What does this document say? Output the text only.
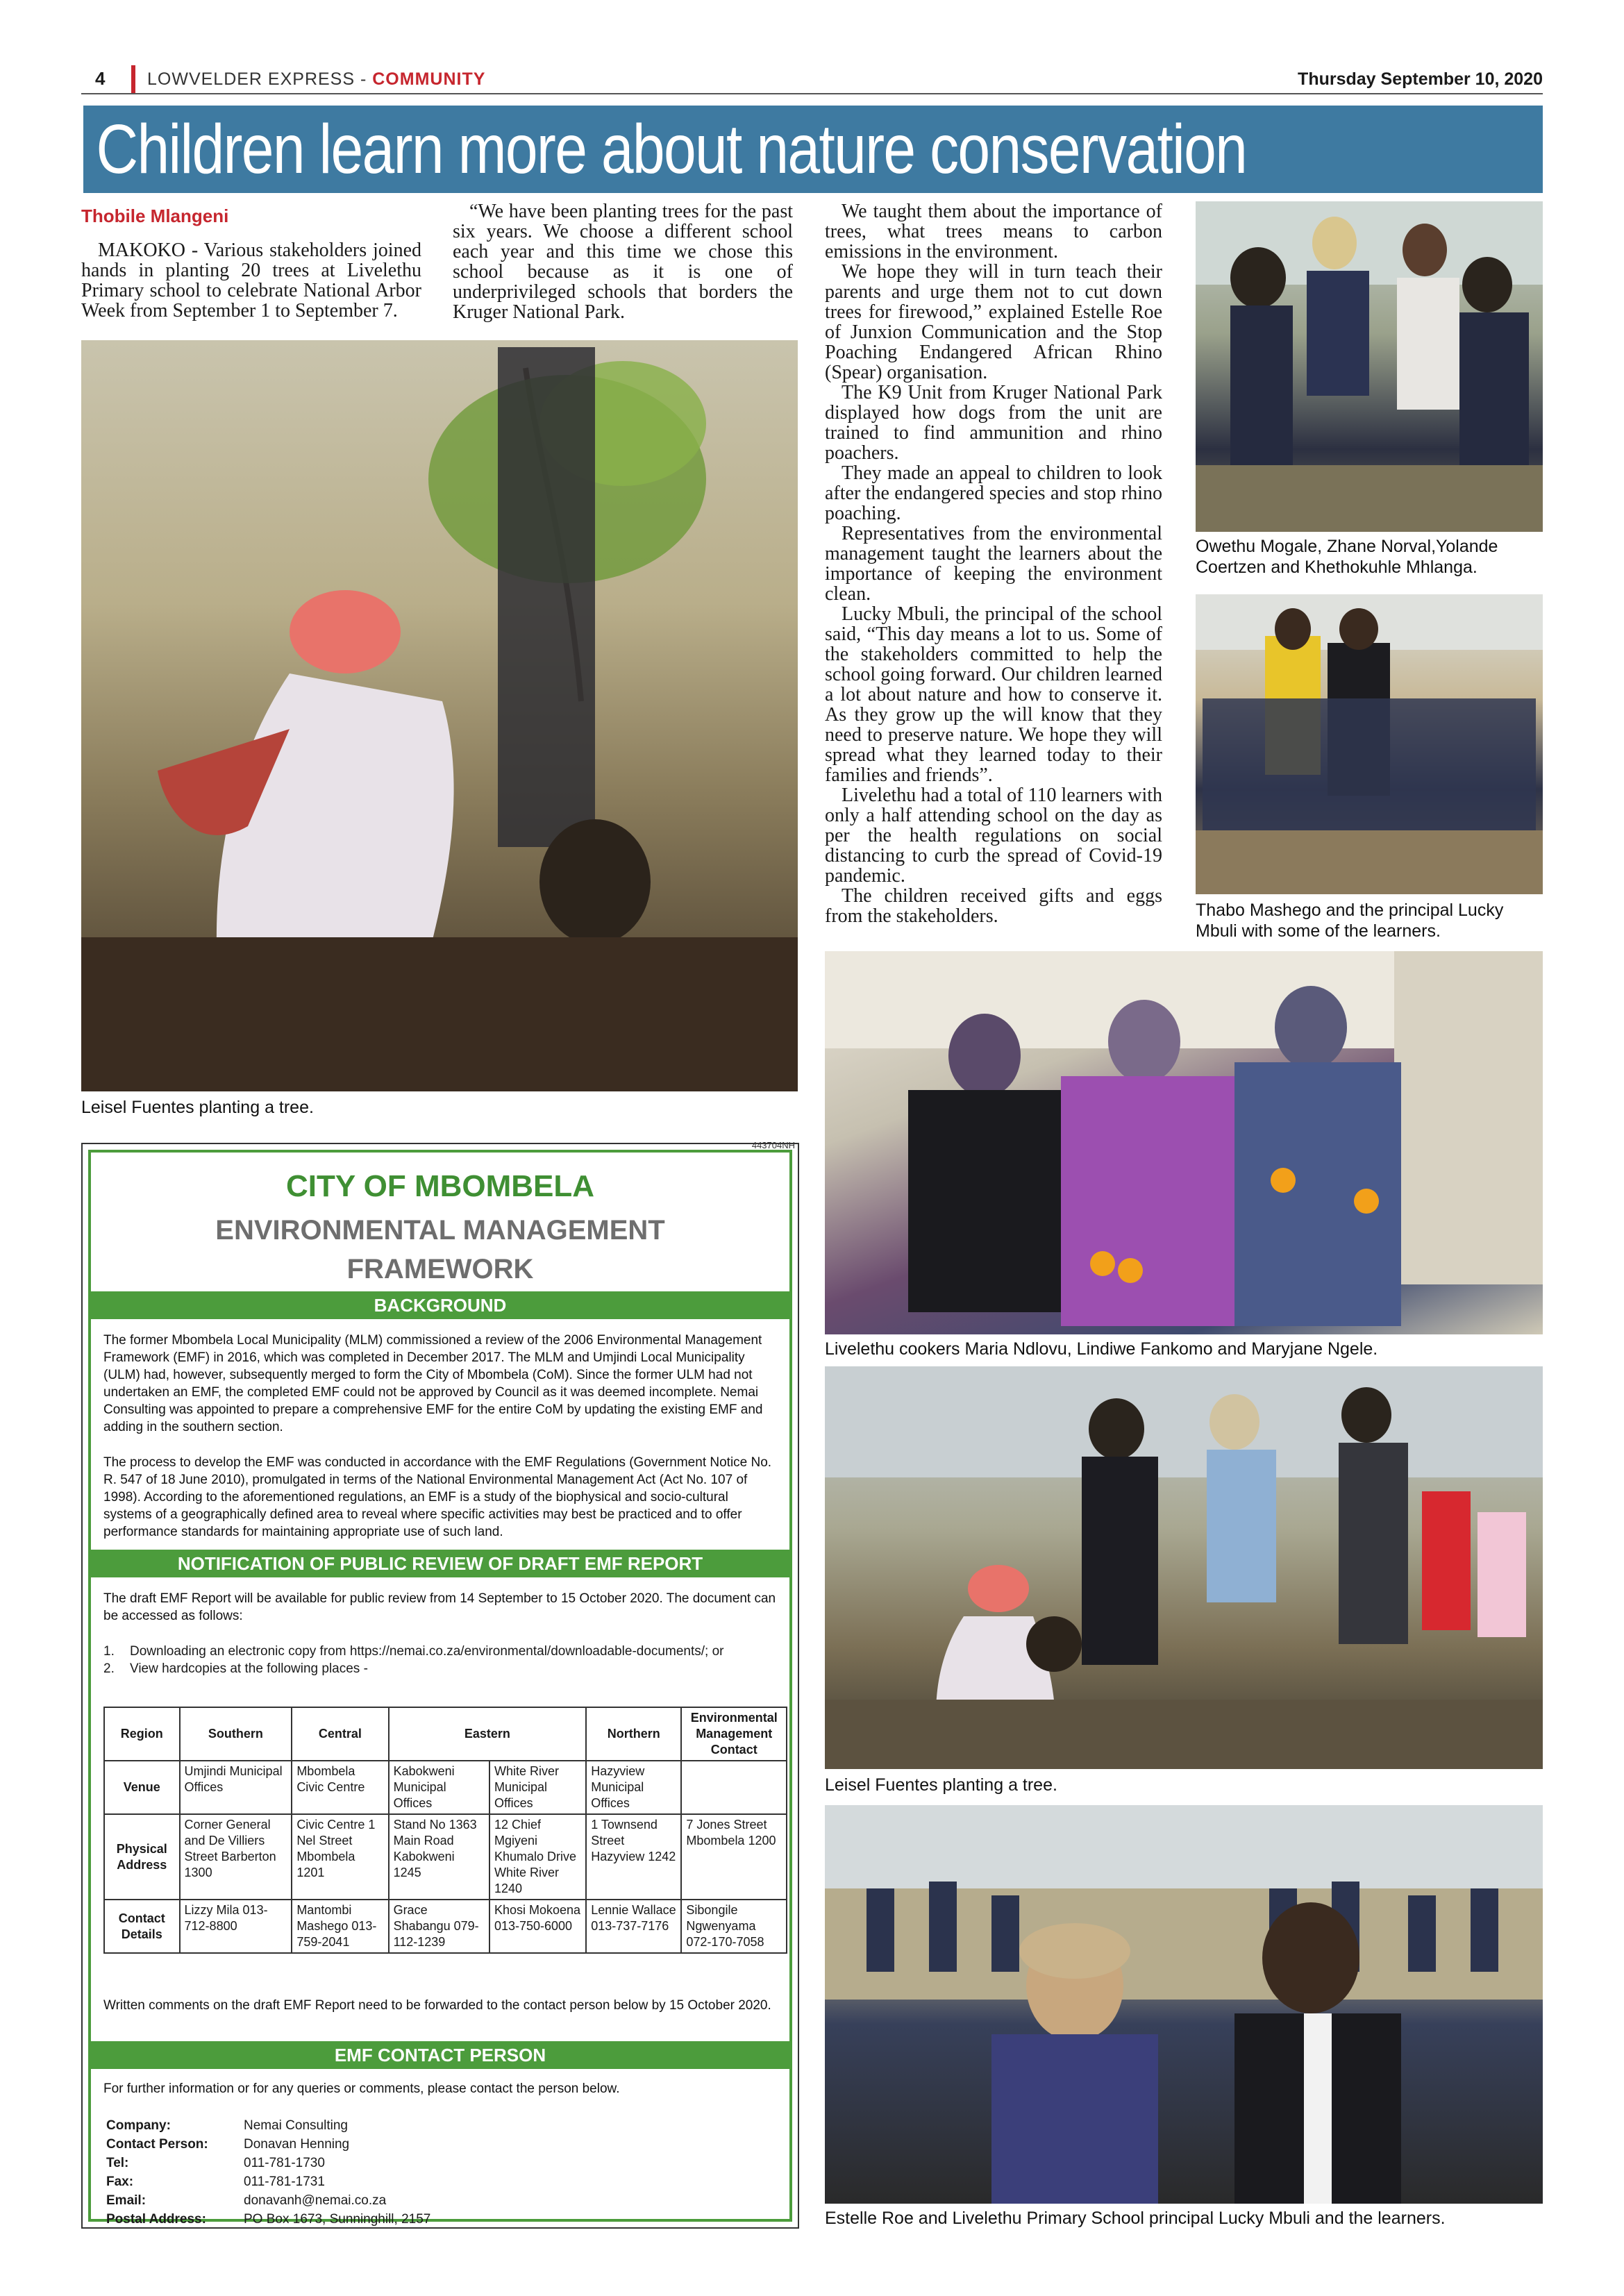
4 LOWVELDER EXPRESS - COMMUNITY	Thursday September 10, 2020
Children learn more about nature conservation
Thobile Mlangeni

MAKOKO - Various stakeholders joined hands in planting 20 trees at Livelethu Primary school to celebrate National Arbor Week from September 1 to September 7.

“We have been planting trees for the past six years. We choose a different school each year and this time we chose this school because as it is one of underprivileged schools that borders the Kruger National Park.

We taught them about the importance of trees, what trees means to carbon emissions in the environment.

We hope they will in turn teach their parents and urge them not to cut down trees for firewood,” explained Estelle Roe of Junxion Communication and the Stop Poaching Endangered African Rhino (Spear) organisation.

The K9 Unit from Kruger National Park displayed how dogs from the unit are trained to find ammunition and rhino poachers.

They made an appeal to children to look after the endangered species and stop rhino poaching.

Representatives from the environmental management taught the learners about the importance of keeping the environment clean.

Lucky Mbuli, the principal of the school said, “This day means a lot to us. Some of the stakeholders committed to help the school going forward. Our children learned a lot about nature and how to conserve it. As they grow up the will know that they need to preserve nature. We hope they will spread what they learned today to their families and friends”.

Livelethu had a total of 110 learners with only a half attending school on the day as per the health regulations on social distancing to curb the spread of Covid-19 pandemic.

The children received gifts and eggs from the stakeholders.

Leisel Fuentes planting a tree.
Owethu Mogale, Zhane Norval,Yolande Coertzen and Khethokuhle Mhlanga.
Thabo Mashego and the principal Lucky Mbuli with some of the learners.
Livelethu cookers Maria Ndlovu, Lindiwe Fankomo and Maryjane Ngele.
Leisel Fuentes planting a tree.
Estelle Roe and Livelethu Primary School principal Lucky Mbuli and the learners.
443704NH
CITY OF MBOMBELA
ENVIRONMENTAL MANAGEMENT FRAMEWORK
BACKGROUND
The former Mbombela Local Municipality (MLM) commissioned a review of the 2006 Environmental Management Framework (EMF) in 2016, which was completed in December 2017. The MLM and Umjindi Local Municipality (ULM) had, however, subsequently merged to form the City of Mbombela (CoM). Since the former ULM had not undertaken an EMF, the completed EMF could not be approved by Council as it was deemed incomplete. Nemai Consulting was appointed to prepare a comprehensive EMF for the entire CoM by updating the existing EMF and adding in the southern section.
The process to develop the EMF was conducted in accordance with the EMF Regulations (Government Notice No. R. 547 of 18 June 2010), promulgated in terms of the National Environmental Management Act (Act No. 107 of 1998). According to the aforementioned regulations, an EMF is a study of the biophysical and socio-cultural systems of a geographically defined area to reveal where specific activities may best be practiced and to offer performance standards for maintaining appropriate use of such land.
NOTIFICATION OF PUBLIC REVIEW OF DRAFT EMF REPORT
The draft EMF Report will be available for public review from 14 September to 15 October 2020. The document can be accessed as follows:
1. Downloading an electronic copy from https://nemai.co.za/environmental/downloadable-documents/; or
2. View hardcopies at the following places -
Region	Southern	Central	Eastern		Northern	Environmental Management Contact
Venue	Umjindi Municipal Offices	Mbombela Civic Centre	Kabokweni Municipal Offices	White River Municipal Offices	Hazyview Municipal Offices	
Physical Address	Corner General and De Villiers Street Barberton 1300	Civic Centre 1 Nel Street Mbombela 1201	Stand No 1363 Main Road Kabokweni 1245	12 Chief Mgiyeni Khumalo Drive White River 1240	1 Townsend Street Hazyview 1242	7 Jones Street Mbombela 1200
Contact Details	Lizzy Mila 013-712-8800	Mantombi Mashego 013-759-2041	Grace Shabangu 079-112-1239	Khosi Mokoena 013-750-6000	Lennie Wallace 013-737-7176	Sibongile Ngwenyama 072-170-7058
Written comments on the draft EMF Report need to be forwarded to the contact person below by 15 October 2020.
EMF CONTACT PERSON
For further information or for any queries or comments, please contact the person below.
Company:	Nemai Consulting
Contact Person:	Donavan Henning
Tel:	011-781-1730
Fax:	011-781-1731
Email:	donavanh@nemai.co.za
Postal Address:	PO Box 1673, Sunninghill, 2157
